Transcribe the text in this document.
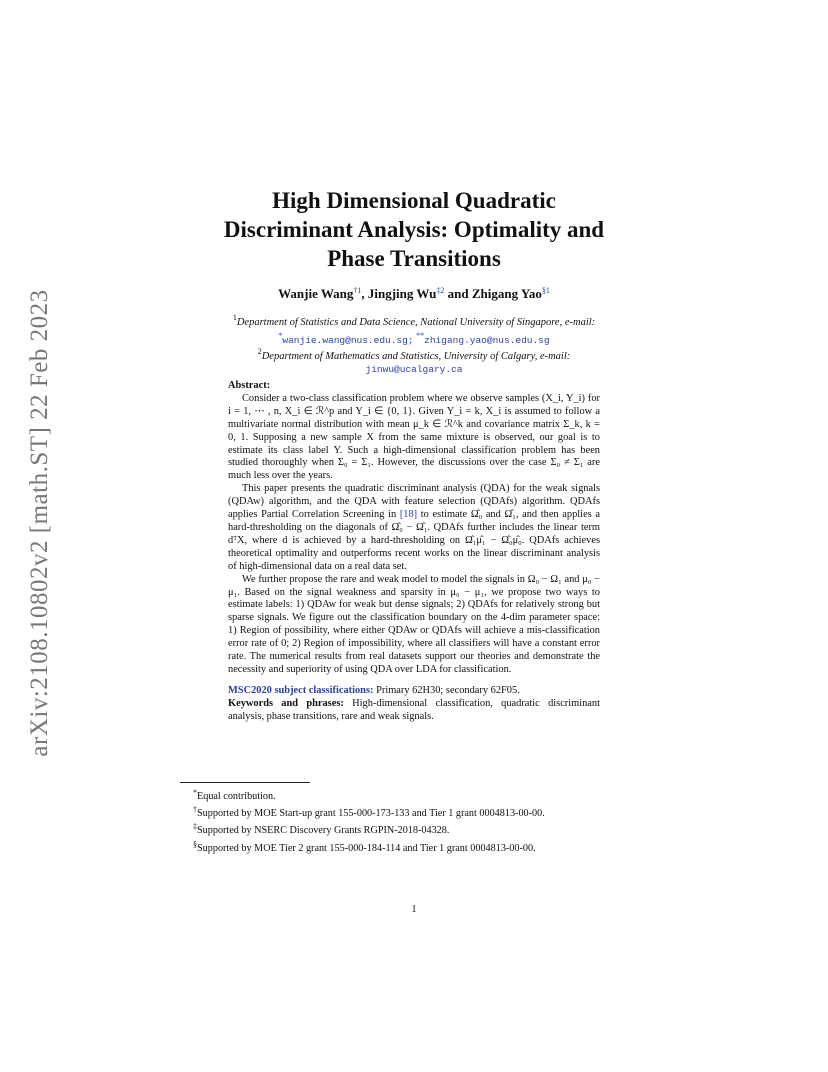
arXiv:2108.10802v2 [math.ST] 22 Feb 2023
High Dimensional Quadratic
Discriminant Analysis: Optimality and
Phase Transitions
Wanjie Wang$^{\dagger 1}$, Jingjing Wu$^{\ddagger 2}$ and Zhigang Yao$^{\S 1}$
$^1$Department of Statistics and Data Science, National University of Singapore, e-mail:
*wanjie.wang@nus.edu.sg; **zhigang.yao@nus.edu.sg
$^2$Department of Mathematics and Statistics, University of Calgary, e-mail:
jinwu@ucalgary.ca

Abstract:

Consider a two-class classification problem where we observe samples (X_i, Y_i) for i = 1, ⋯ , n, X_i ∈ ℛ^p and Y_i ∈ {0, 1}. Given Y_i = k, X_i is assumed to follow a multivariate normal distribution with mean μ_k ∈ ℛ^k and covariance matrix Σ_k, k = 0, 1. Supposing a new sample X from the same mixture is observed, our goal is to estimate its class label Y. Such a high-dimensional classification problem has been studied thoroughly when Σ₀ = Σ₁. However, the discussions over the case Σ₀ ≠ Σ₁ are much less over the years.

This paper presents the quadratic discriminant analysis (QDA) for the weak signals (QDAw) algorithm, and the QDA with feature selection (QDAfs) algorithm. QDAfs applies Partial Correlation Screening in [18] to estimate Ω̂₀ and Ω̂₁, and then applies a hard-thresholding on the diagonals of Ω̂₀ − Ω̂₁. QDAfs further includes the linear term dᵀX, where d is achieved by a hard-thresholding on Ω̂₁μ̂₁ − Ω̂₀μ̂₀. QDAfs achieves theoretical optimality and outperforms recent works on the linear discriminant analysis of high-dimensional data on a real data set.

We further propose the rare and weak model to model the signals in Ω₀ − Ω₁ and μ₀ − μ₁. Based on the signal weakness and sparsity in μ₀ − μ₁, we propose two ways to estimate labels: 1) QDAw for weak but dense signals; 2) QDAfs for relatively strong but sparse signals. We figure out the classification boundary on the 4-dim parameter space: 1) Region of possibility, where either QDAw or QDAfs will achieve a mis-classification error rate of 0; 2) Region of impossibility, where all classifiers will have a constant error rate. The numerical results from real datasets support our theories and demonstrate the necessity and superiority of using QDA over LDA for classification.

MSC2020 subject classifications: Primary 62H30; secondary 62F05.

Keywords and phrases: High-dimensional classification, quadratic discriminant analysis, phase transitions, rare and weak signals.

*Equal contribution.
†Supported by MOE Start-up grant 155-000-173-133 and Tier 1 grant 0004813-00-00.
‡Supported by NSERC Discovery Grants RGPIN-2018-04328.
§Supported by MOE Tier 2 grant 155-000-184-114 and Tier 1 grant 0004813-00-00.
1
